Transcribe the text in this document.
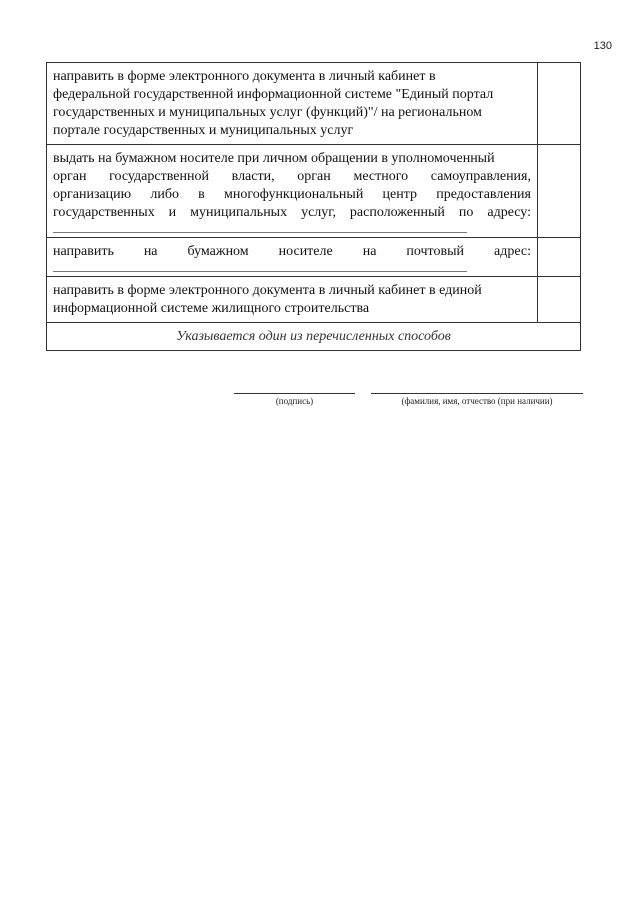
130
направить в форме электронного документа в личный кабинет в
федеральной государственной информационной системе "Единый портал
государственных и муниципальных услуг (функций)"/ на региональном
портале государственных и муниципальных услуг	

выдать на бумажном носителе при личном обращении в уполномоченный
орган государственной власти, орган местного самоуправления,
организацию либо в многофункциональный центр предоставления
государственных и муниципальных услуг, расположенный по адресу:	

направить на бумажном носителе на почтовый адрес:	

направить в форме электронного документа в личный кабинет в единой
информационной системе жилищного строительства	

Указывается один из перечисленных способов	
(подпись)	(фамилия, имя, отчество (при наличии)
